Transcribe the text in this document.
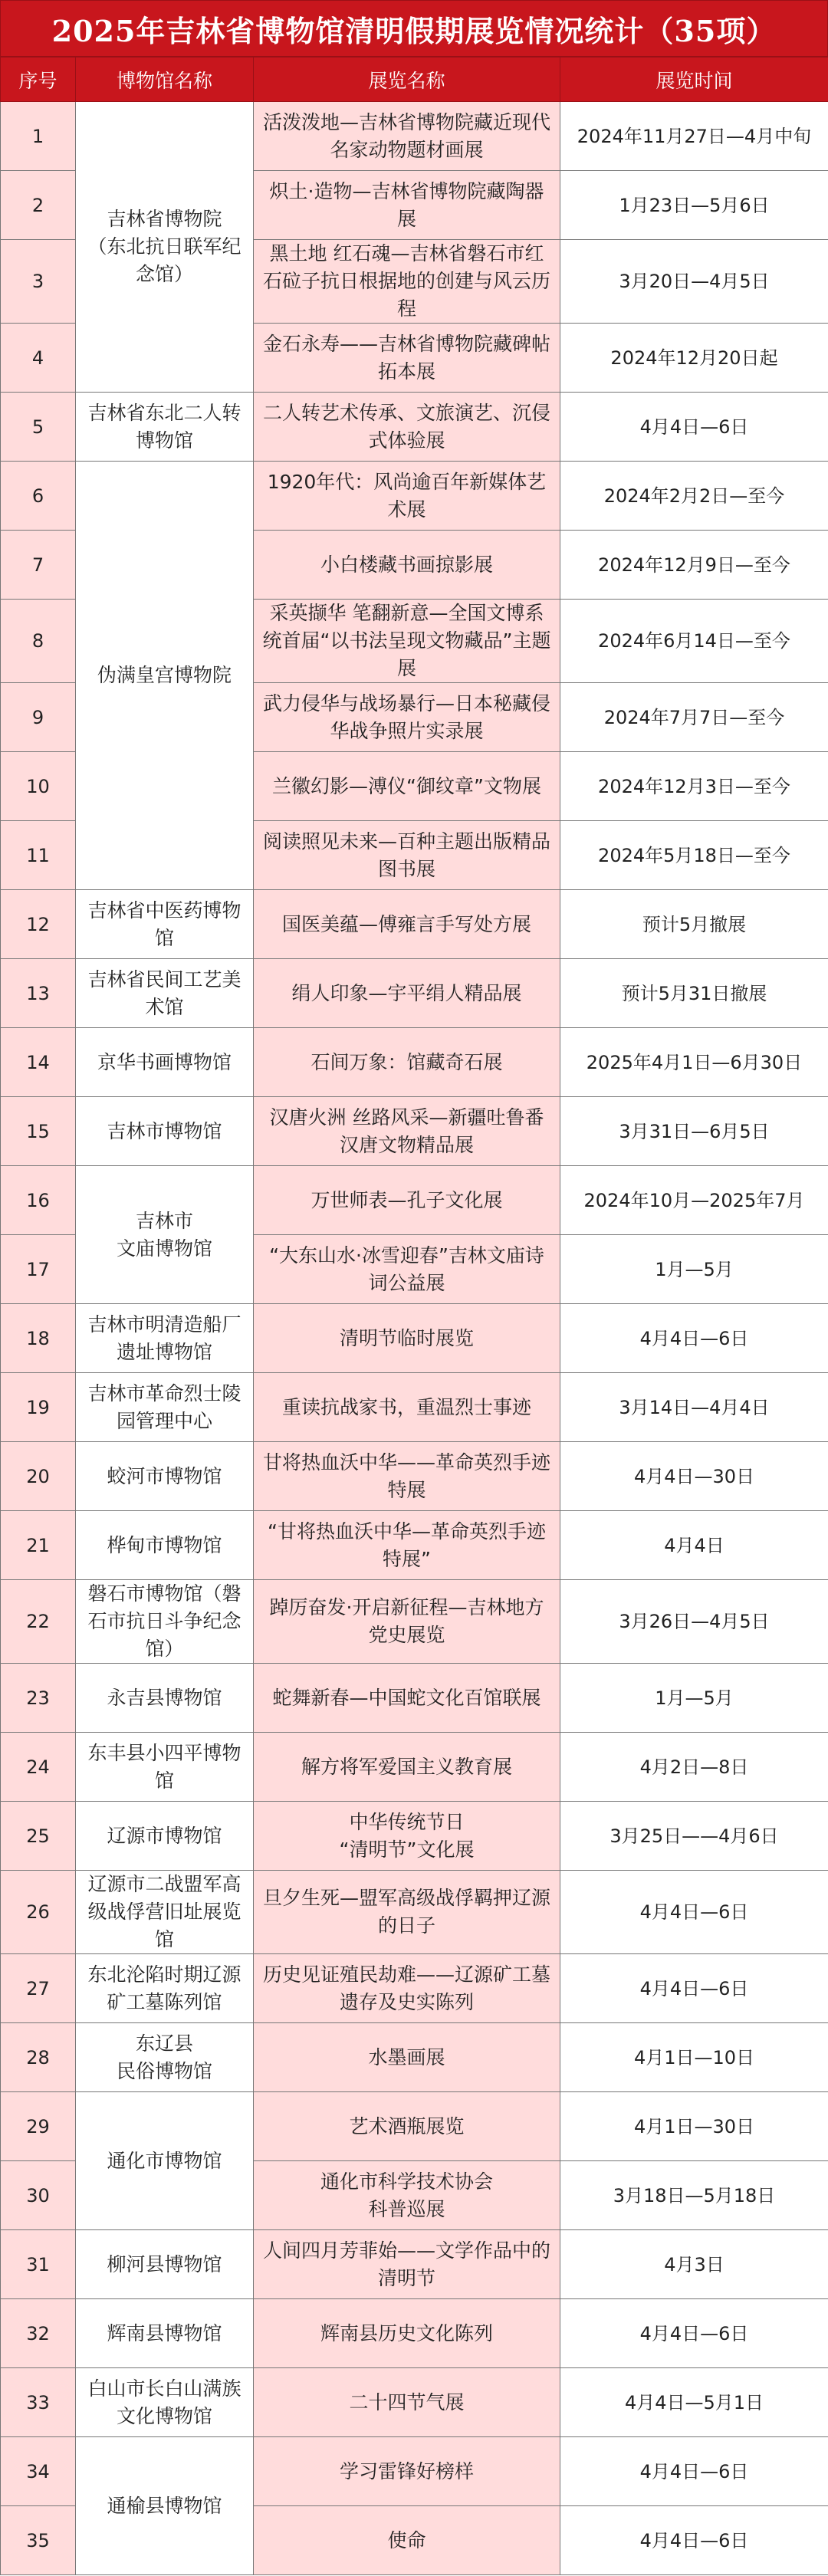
2025年吉林省博物馆清明假期展览情况统计（35项）
序号	博物馆名称	展览名称	展览时间
1	吉林省博物院
（东北抗日联军纪念馆）	活泼泼地—吉林省博物院藏近现代名家动物题材画展	2024年11月27日—4月中旬
2		炽土·造物—吉林省博物院藏陶器展	1月23日—5月6日
3		黑土地 红石魂—吉林省磐石市红石砬子抗日根据地的创建与风云历程	3月20日—4月5日
4		金石永寿——吉林省博物院藏碑帖拓本展	2024年12月20日起
5	吉林省东北二人转博物馆	二人转艺术传承、文旅演艺、沉侵式体验展	4月4日—6日
6	伪满皇宫博物院	1920年代：风尚逾百年新媒体艺术展	2024年2月2日—至今
7		小白楼藏书画掠影展	2024年12月9日—至今
8		采英撷华 笔翻新意—全国文博系统首届“以书法呈现文物藏品”主题展	2024年6月14日—至今
9		武力侵华与战场暴行—日本秘藏侵华战争照片实录展	2024年7月7日—至今
10		兰徽幻影—溥仪“御纹章”文物展	2024年12月3日—至今
11		阅读照见未来—百种主题出版精品图书展	2024年5月18日—至今
12	吉林省中医药博物馆	国医美蕴—傅雍言手写处方展	预计5月撤展
13	吉林省民间工艺美术馆	绢人印象—宇平绢人精品展	预计5月31日撤展
14	京华书画博物馆	石间万象：馆藏奇石展	2025年4月1日—6月30日
15	吉林市博物馆	汉唐火洲 丝路风采—新疆吐鲁番汉唐文物精品展	3月31日—6月5日
16	吉林市
文庙博物馆	万世师表—孔子文化展	2024年10月—2025年7月
17		“大东山水·冰雪迎春”吉林文庙诗词公益展	1月—5月
18	吉林市明清造船厂遗址博物馆	清明节临时展览	4月4日—6日
19	吉林市革命烈士陵园管理中心	重读抗战家书，重温烈士事迹	3月14日—4月4日
20	蛟河市博物馆	甘将热血沃中华——革命英烈手迹特展	4月4日—30日
21	桦甸市博物馆	“甘将热血沃中华—革命英烈手迹特展”	4月4日
22	磐石市博物馆（磐石市抗日斗争纪念馆）	踔厉奋发·开启新征程—吉林地方党史展览	3月26日—4月5日
23	永吉县博物馆	蛇舞新春—中国蛇文化百馆联展	1月—5月
24	东丰县小四平博物馆	解方将军爱国主义教育展	4月2日—8日
25	辽源市博物馆	中华传统节日
“清明节”文化展	3月25日——4月6日
26	辽源市二战盟军高级战俘营旧址展览馆	旦夕生死—盟军高级战俘羁押辽源的日子	4月4日—6日
27	东北沦陷时期辽源矿工墓陈列馆	历史见证殖民劫难——辽源矿工墓遗存及史实陈列	4月4日—6日
28	东辽县
民俗博物馆	水墨画展	4月1日—10日
29	通化市博物馆	艺术酒瓶展览	4月1日—30日
30		通化市科学技术协会
科普巡展	3月18日—5月18日
31	柳河县博物馆	人间四月芳菲始——文学作品中的清明节	4月3日
32	辉南县博物馆	辉南县历史文化陈列	4月4日—6日
33	白山市长白山满族文化博物馆	二十四节气展	4月4日—5月1日
34	通榆县博物馆	学习雷锋好榜样	4月4日—6日
35		使命	4月4日—6日
